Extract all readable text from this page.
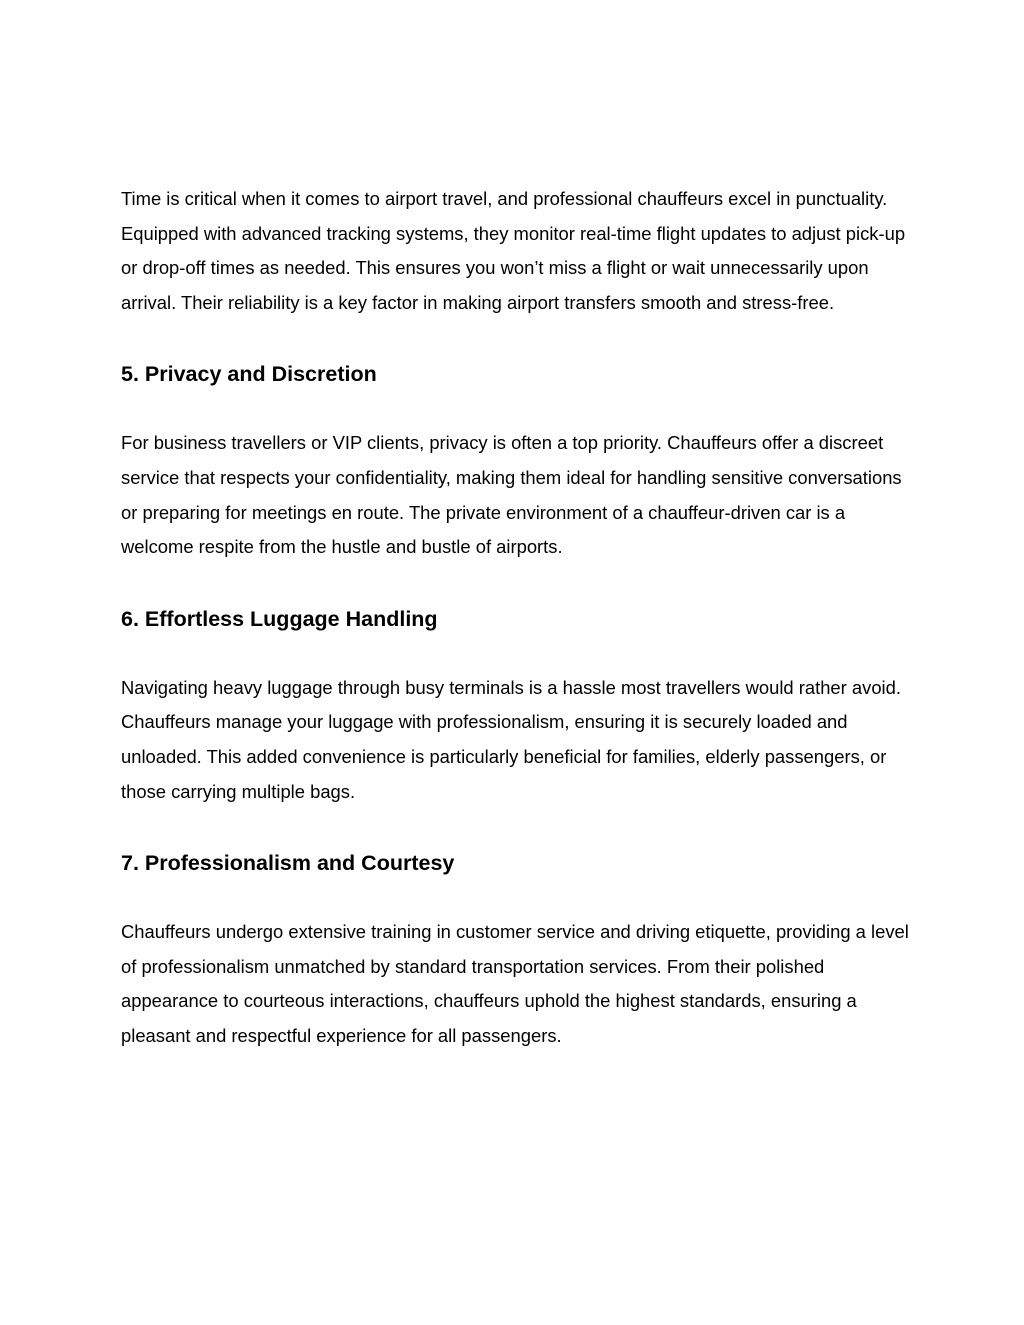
Time is critical when it comes to airport travel, and professional chauffeurs excel in punctuality. Equipped with advanced tracking systems, they monitor real-time flight updates to adjust pick-up or drop-off times as needed. This ensures you won’t miss a flight or wait unnecessarily upon arrival. Their reliability is a key factor in making airport transfers smooth and stress-free.

5. Privacy and Discretion

For business travellers or VIP clients, privacy is often a top priority. Chauffeurs offer a discreet service that respects your confidentiality, making them ideal for handling sensitive conversations or preparing for meetings en route. The private environment of a chauffeur-driven car is a welcome respite from the hustle and bustle of airports.

6. Effortless Luggage Handling

Navigating heavy luggage through busy terminals is a hassle most travellers would rather avoid. Chauffeurs manage your luggage with professionalism, ensuring it is securely loaded and unloaded. This added convenience is particularly beneficial for families, elderly passengers, or those carrying multiple bags.

7. Professionalism and Courtesy

Chauffeurs undergo extensive training in customer service and driving etiquette, providing a level of professionalism unmatched by standard transportation services. From their polished appearance to courteous interactions, chauffeurs uphold the highest standards, ensuring a pleasant and respectful experience for all passengers.
